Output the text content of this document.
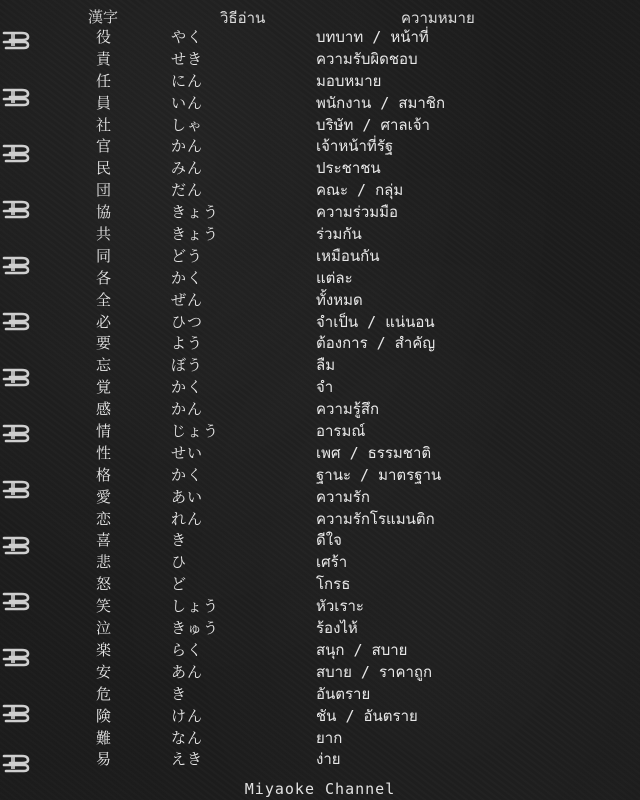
漢字	วิธีอ่าน	ความหมาย
役	やく	บทบาท / หน้าที่
責	せき	ความรับผิดชอบ
任	にん	มอบหมาย
員	いん	พนักงาน / สมาชิก
社	しゃ	บริษัท / ศาลเจ้า
官	かん	เจ้าหน้าที่รัฐ
民	みん	ประชาชน
団	だん	คณะ / กลุ่ม
協	きょう	ความร่วมมือ
共	きょう	ร่วมกัน
同	どう	เหมือนกัน
各	かく	แต่ละ
全	ぜん	ทั้งหมด
必	ひつ	จำเป็น / แน่นอน
要	よう	ต้องการ / สำคัญ
忘	ぼう	ลืม
覚	かく	จำ
感	かん	ความรู้สึก
情	じょう	อารมณ์
性	せい	เพศ / ธรรมชาติ
格	かく	ฐานะ / มาตรฐาน
愛	あい	ความรัก
恋	れん	ความรักโรแมนติก
喜	き	ดีใจ
悲	ひ	เศร้า
怒	ど	โกรธ
笑	しょう	หัวเราะ
泣	きゅう	ร้องไห้
楽	らく	สนุก / สบาย
安	あん	สบาย / ราคาถูก
危	き	อันตราย
険	けん	ชัน / อันตราย
難	なん	ยาก
易	えき	ง่าย
Miyaoke Channel
